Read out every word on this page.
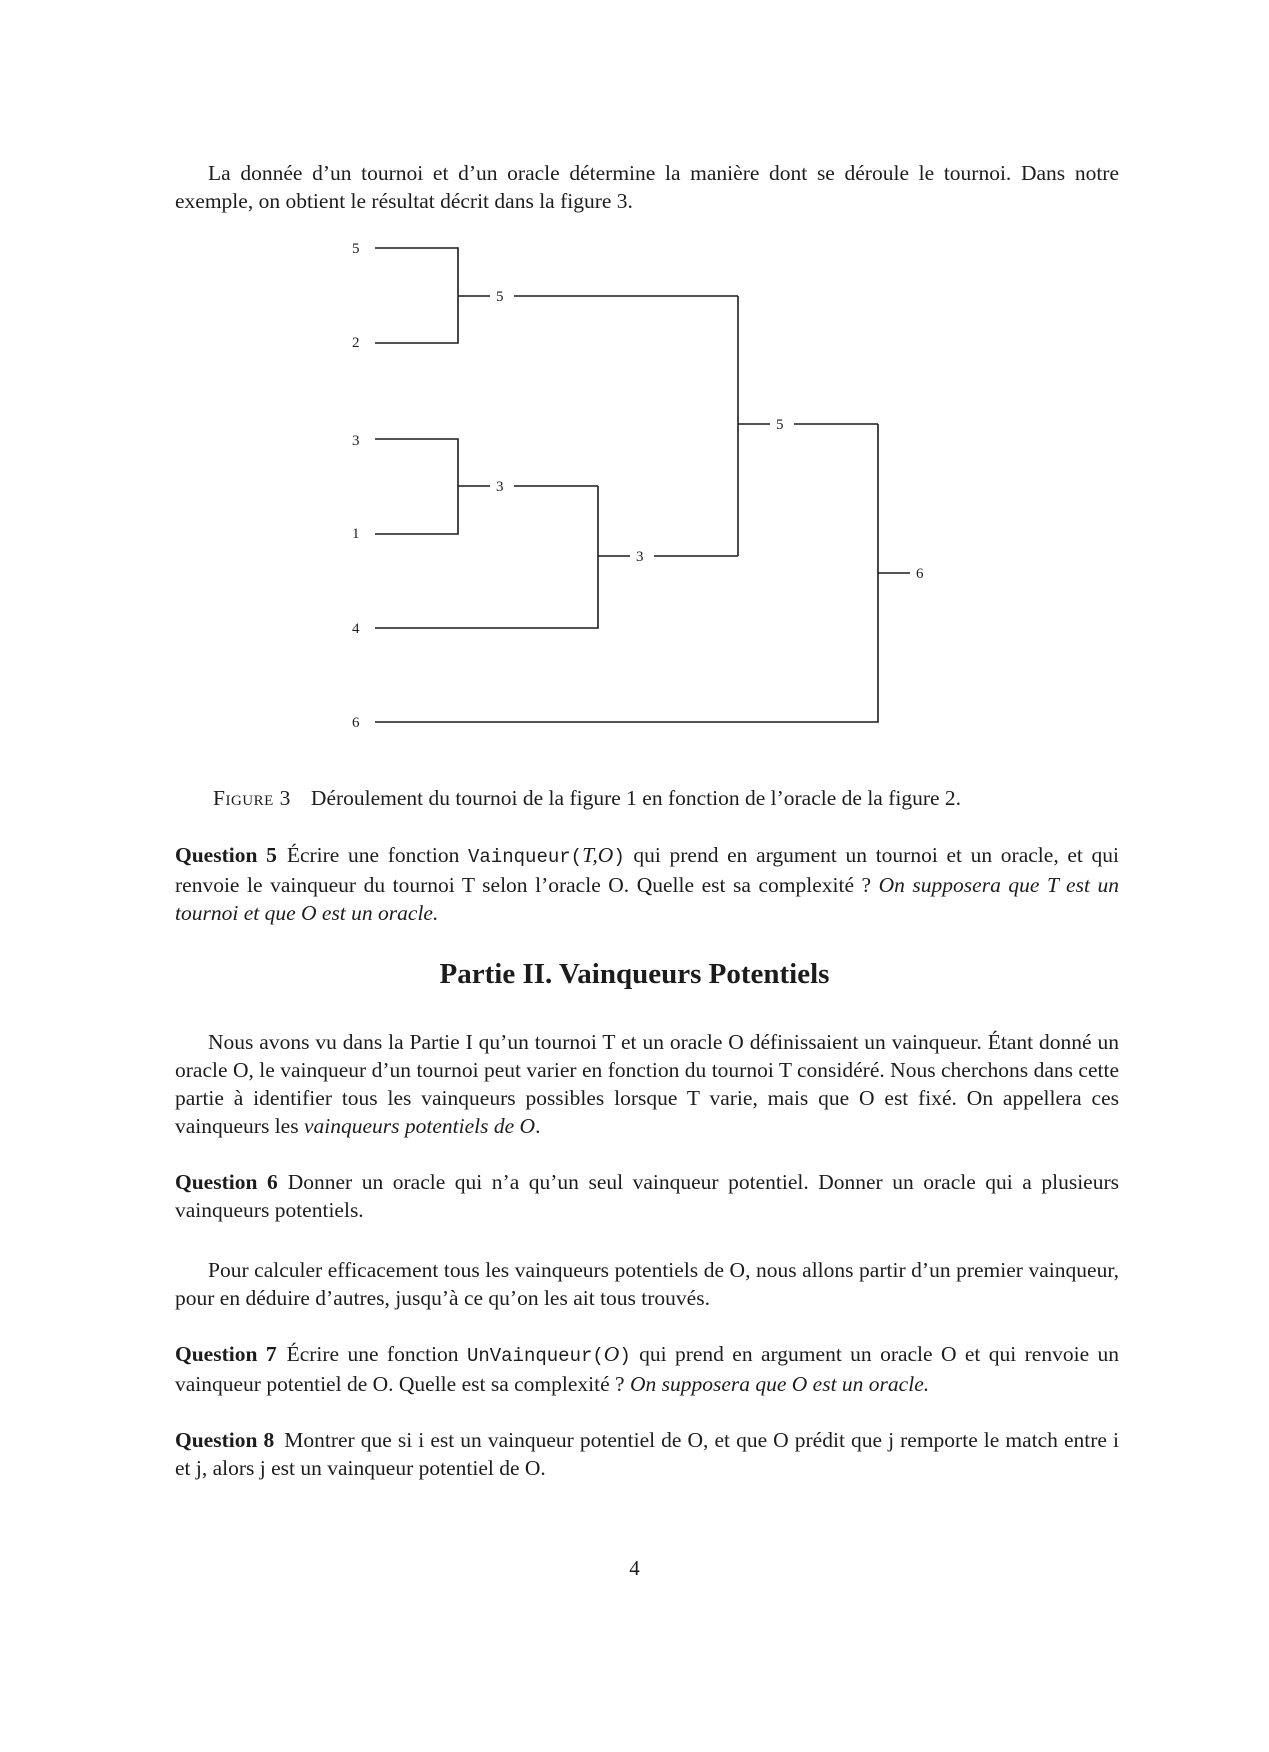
La donnée d’un tournoi et d’un oracle détermine la manière dont se déroule le tournoi. Dans notre exemple, on obtient le résultat décrit dans la figure 3.

5
2
3
1
4
6
5
3
3
5
6

Figure 3 Déroulement du tournoi de la figure 1 en fonction de l’oracle de la figure 2.

Question 5 Écrire une fonction Vainqueur(T,O) qui prend en argument un tournoi et un oracle, et qui renvoie le vainqueur du tournoi T selon l’oracle O. Quelle est sa complexité ? On supposera que T est un tournoi et que O est un oracle.

Partie II. Vainqueurs Potentiels

Nous avons vu dans la Partie I qu’un tournoi T et un oracle O définissaient un vainqueur. Étant donné un oracle O, le vainqueur d’un tournoi peut varier en fonction du tournoi T considéré. Nous cherchons dans cette partie à identifier tous les vainqueurs possibles lorsque T varie, mais que O est fixé. On appellera ces vainqueurs les vainqueurs potentiels de O.

Question 6 Donner un oracle qui n’a qu’un seul vainqueur potentiel. Donner un oracle qui a plusieurs vainqueurs potentiels.

Pour calculer efficacement tous les vainqueurs potentiels de O, nous allons partir d’un premier vainqueur, pour en déduire d’autres, jusqu’à ce qu’on les ait tous trouvés.

Question 7 Écrire une fonction UnVainqueur(O) qui prend en argument un oracle O et qui renvoie un vainqueur potentiel de O. Quelle est sa complexité ? On supposera que O est un oracle.

Question 8 Montrer que si i est un vainqueur potentiel de O, et que O prédit que j remporte le match entre i et j, alors j est un vainqueur potentiel de O.

4
